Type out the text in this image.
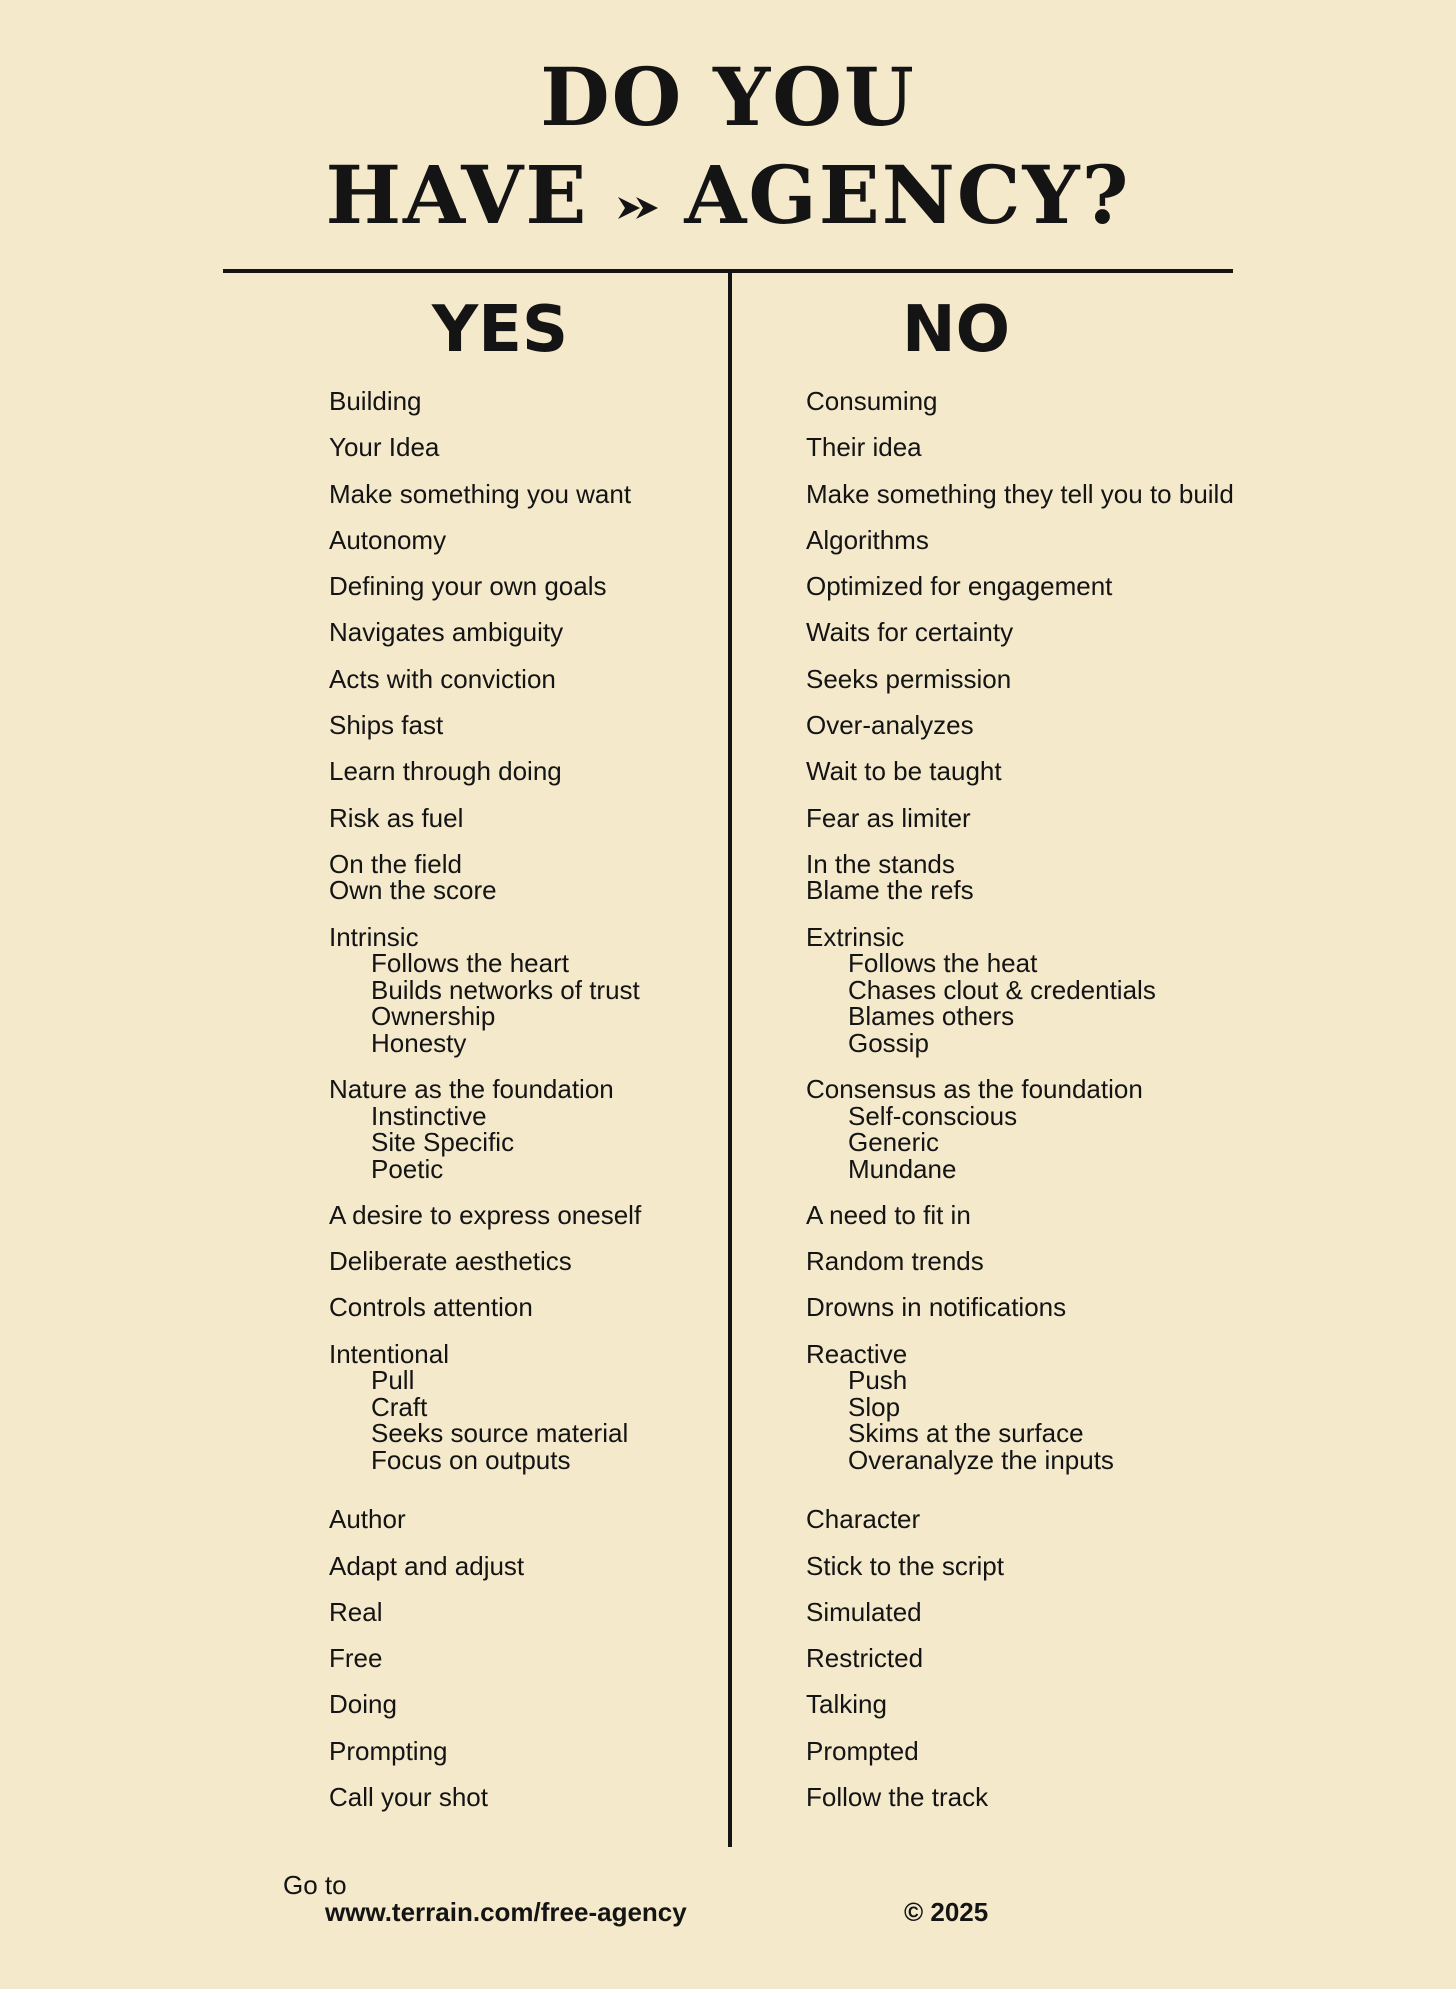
DO YOU
HAVE AGENCY?
YES	NO
Building
Your Idea
Make something you want
Autonomy
Defining your own goals
Navigates ambiguity
Acts with conviction
Ships fast
Learn through doing
Risk as fuel
On the field
Own the score
Intrinsic
Follows the heart
Builds networks of trust
Ownership
Honesty
Nature as the foundation
Instinctive
Site Specific
Poetic
A desire to express oneself
Deliberate aesthetics
Controls attention
Intentional
Pull
Craft
Seeks source material
Focus on outputs
Author
Adapt and adjust
Real
Free
Doing
Prompting
Call your shot
Consuming
Their idea
Make something they tell you to build
Algorithms
Optimized for engagement
Waits for certainty
Seeks permission
Over-analyzes
Wait to be taught
Fear as limiter
In the stands
Blame the refs
Extrinsic
Follows the heat
Chases clout & credentials
Blames others
Gossip
Consensus as the foundation
Self-conscious
Generic
Mundane
A need to fit in
Random trends
Drowns in notifications
Reactive
Push
Slop
Skims at the surface
Overanalyze the inputs
Character
Stick to the script
Simulated
Restricted
Talking
Prompted
Follow the track
Go to
www.terrain.com/free-agency	© 2025
